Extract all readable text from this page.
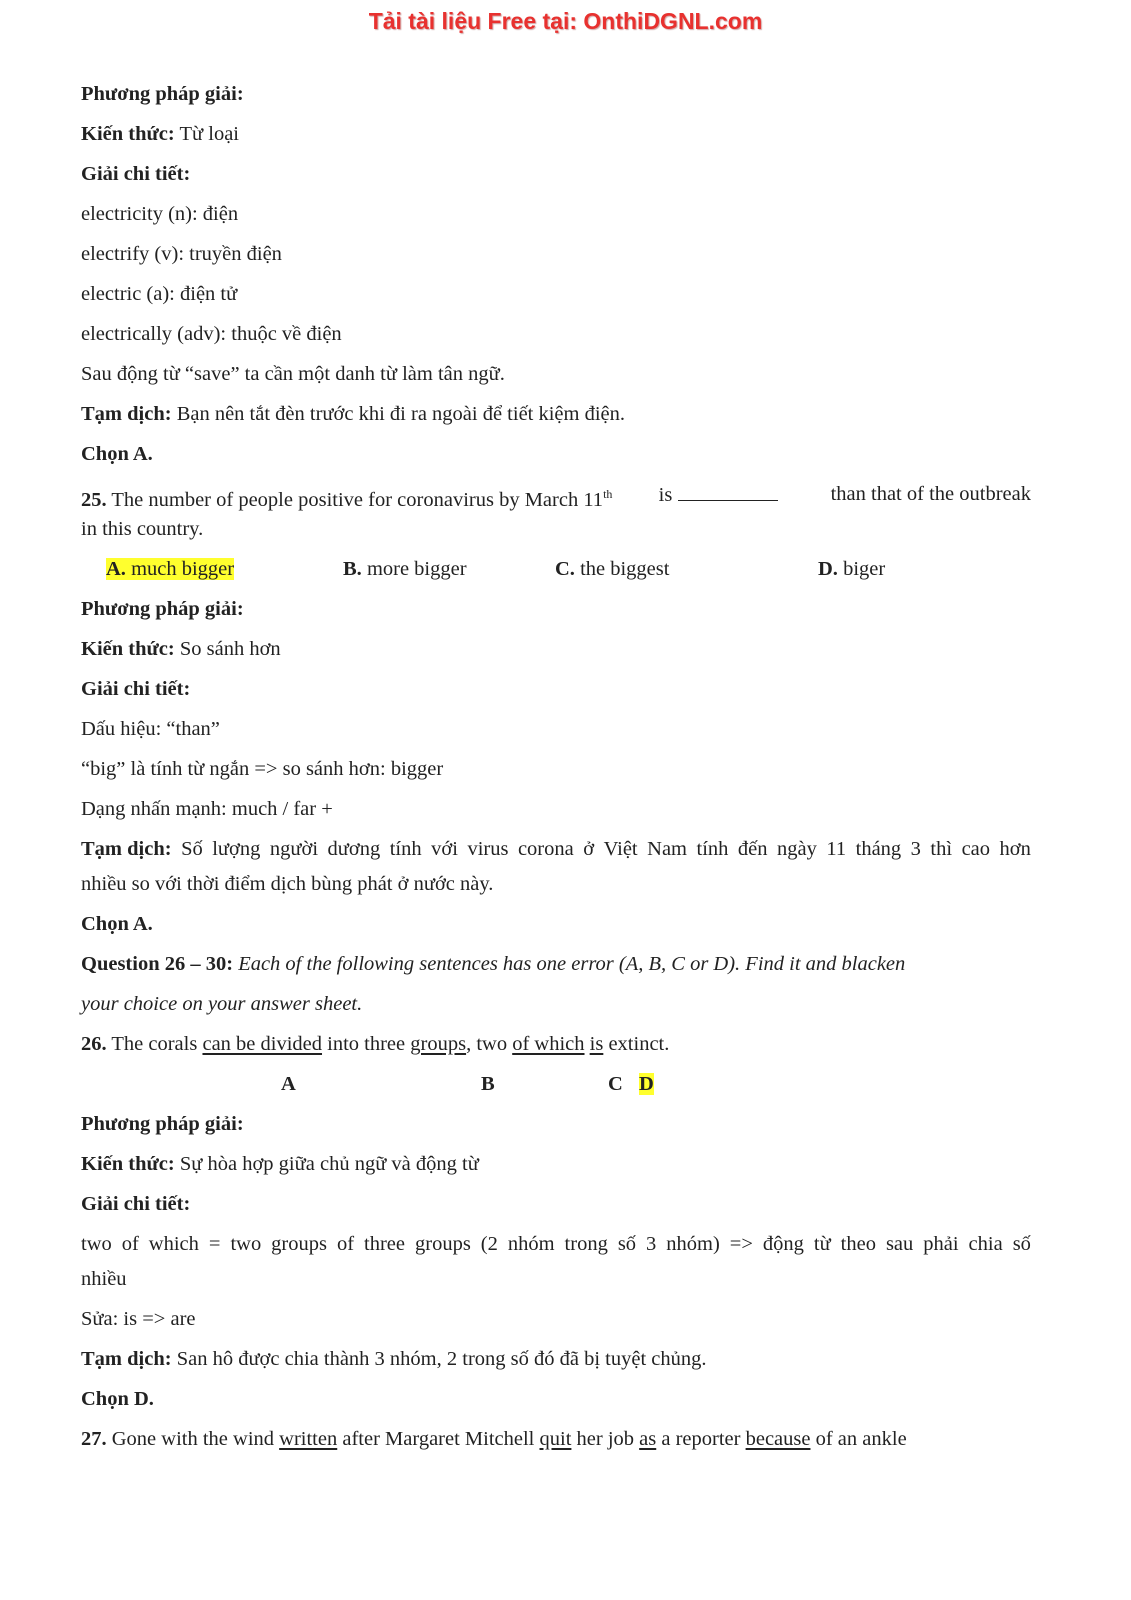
Tải tài liệu Free tại: OnthiDGNL.com
Phương pháp giải:
Kiến thức: Từ loại
Giải chi tiết:
electricity (n): điện
electrify (v): truyền điện
electric (a): điện tử
electrically (adv): thuộc về điện
Sau động từ “save” ta cần một danh từ làm tân ngữ.
Tạm dịch: Bạn nên tắt đèn trước khi đi ra ngoài để tiết kiệm điện.
Chọn A.
25. The number of people positive for coronavirus by March 11th is	than that of the outbreak
in this country.
A. much bigger	B. more bigger	C. the biggest	D. biger
Phương pháp giải:
Kiến thức: So sánh hơn
Giải chi tiết:
Dấu hiệu: “than”
“big” là tính từ ngắn => so sánh hơn: bigger
Dạng nhấn mạnh: much / far +
Tạm dịch: Số lượng người dương tính với virus corona ở Việt Nam tính đến ngày 11 tháng 3 thì cao hơn
nhiều so với thời điểm dịch bùng phát ở nước này.
Chọn A.
Question 26 – 30: Each of the following sentences has one error (A, B, C or D). Find it and blacken
your choice on your answer sheet.
26. The corals can be divided into three groups, two of which is extinct.
A	B	C D
Phương pháp giải:
Kiến thức: Sự hòa hợp giữa chủ ngữ và động từ
Giải chi tiết:
two of which = two groups of three groups (2 nhóm trong số 3 nhóm) => động từ theo sau phải chia số
nhiều
Sửa: is => are
Tạm dịch: San hô được chia thành 3 nhóm, 2 trong số đó đã bị tuyệt chủng.
Chọn D.
27. Gone with the wind written after Margaret Mitchell quit her job as a reporter because of an ankle
